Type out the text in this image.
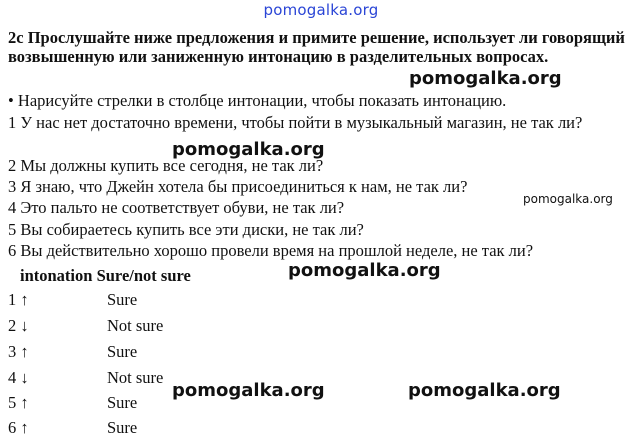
pomogalka.org
2c Прослушайте ниже предложения и примите решение, использует ли говорящий возвышенную или заниженную интонацию в разделительных вопросах.
• Нарисуйте стрелки в столбце интонации, чтобы показать интонацию.
1 У нас нет достаточно времени, чтобы пойти в музыкальный магазин, не так ли?
2 Мы должны купить все сегодня, не так ли?
3 Я знаю, что Джейн хотела бы присоединиться к нам, не так ли?
4 Это пальто не соответствует обуви, не так ли?
5 Вы собираетесь купить все эти диски, не так ли?
6 Вы действительно хорошо провели время на прошлой неделе, не так ли?
intonation Sure/not sure
1 ↑	Sure
2 ↓	Not sure
3 ↑	Sure
4 ↓	Not sure
5 ↑	Sure
6 ↑	Sure
pomogalka.org
pomogalka.org
pomogalka.org
pomogalka.org
pomogalka.org	pomogalka.org
